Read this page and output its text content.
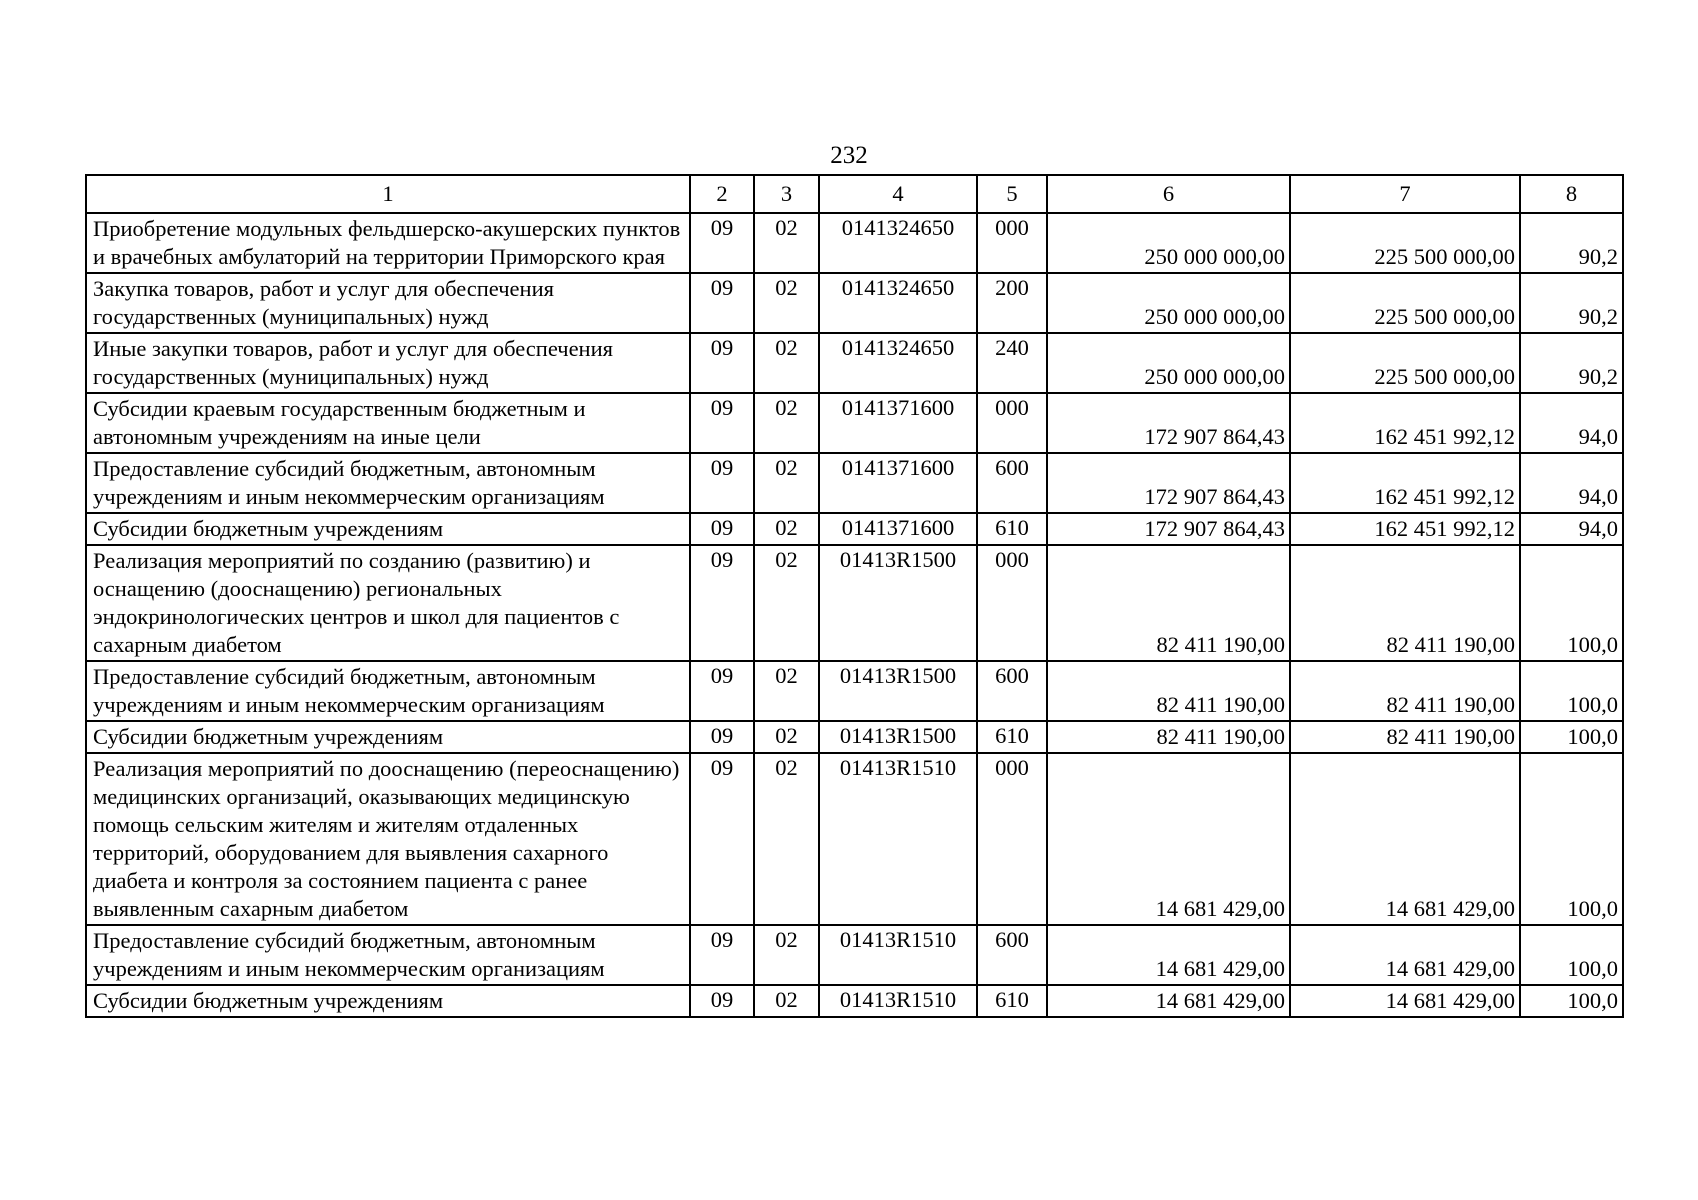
232
1	2	3	4	5	6	7	8
Приобретение модульных фельдшерско-акушерских пунктов и врачебных амбулаторий на территории Приморского края	09	02	0141324650	000	250 000 000,00	225 500 000,00	90,2
Закупка товаров, работ и услуг для обеспечения государственных (муниципальных) нужд	09	02	0141324650	200	250 000 000,00	225 500 000,00	90,2
Иные закупки товаров, работ и услуг для обеспечения государственных (муниципальных) нужд	09	02	0141324650	240	250 000 000,00	225 500 000,00	90,2
Субсидии краевым государственным бюджетным и автономным учреждениям на иные цели	09	02	0141371600	000	172 907 864,43	162 451 992,12	94,0
Предоставление субсидий бюджетным, автономным учреждениям и иным некоммерческим организациям	09	02	0141371600	600	172 907 864,43	162 451 992,12	94,0
Субсидии бюджетным учреждениям	09	02	0141371600	610	172 907 864,43	162 451 992,12	94,0
Реализация мероприятий по созданию (развитию) и оснащению (дооснащению) региональных эндокринологических центров и школ для пациентов с сахарным диабетом	09	02	01413R1500	000	82 411 190,00	82 411 190,00	100,0
Предоставление субсидий бюджетным, автономным учреждениям и иным некоммерческим организациям	09	02	01413R1500	600	82 411 190,00	82 411 190,00	100,0
Субсидии бюджетным учреждениям	09	02	01413R1500	610	82 411 190,00	82 411 190,00	100,0
Реализация мероприятий по дооснащению (переоснащению) медицинских организаций, оказывающих медицинскую помощь сельским жителям и жителям отдаленных территорий, оборудованием для выявления сахарного диабета и контроля за состоянием пациента с ранее выявленным сахарным диабетом	09	02	01413R1510	000	14 681 429,00	14 681 429,00	100,0
Предоставление субсидий бюджетным, автономным учреждениям и иным некоммерческим организациям	09	02	01413R1510	600	14 681 429,00	14 681 429,00	100,0
Субсидии бюджетным учреждениям	09	02	01413R1510	610	14 681 429,00	14 681 429,00	100,0
